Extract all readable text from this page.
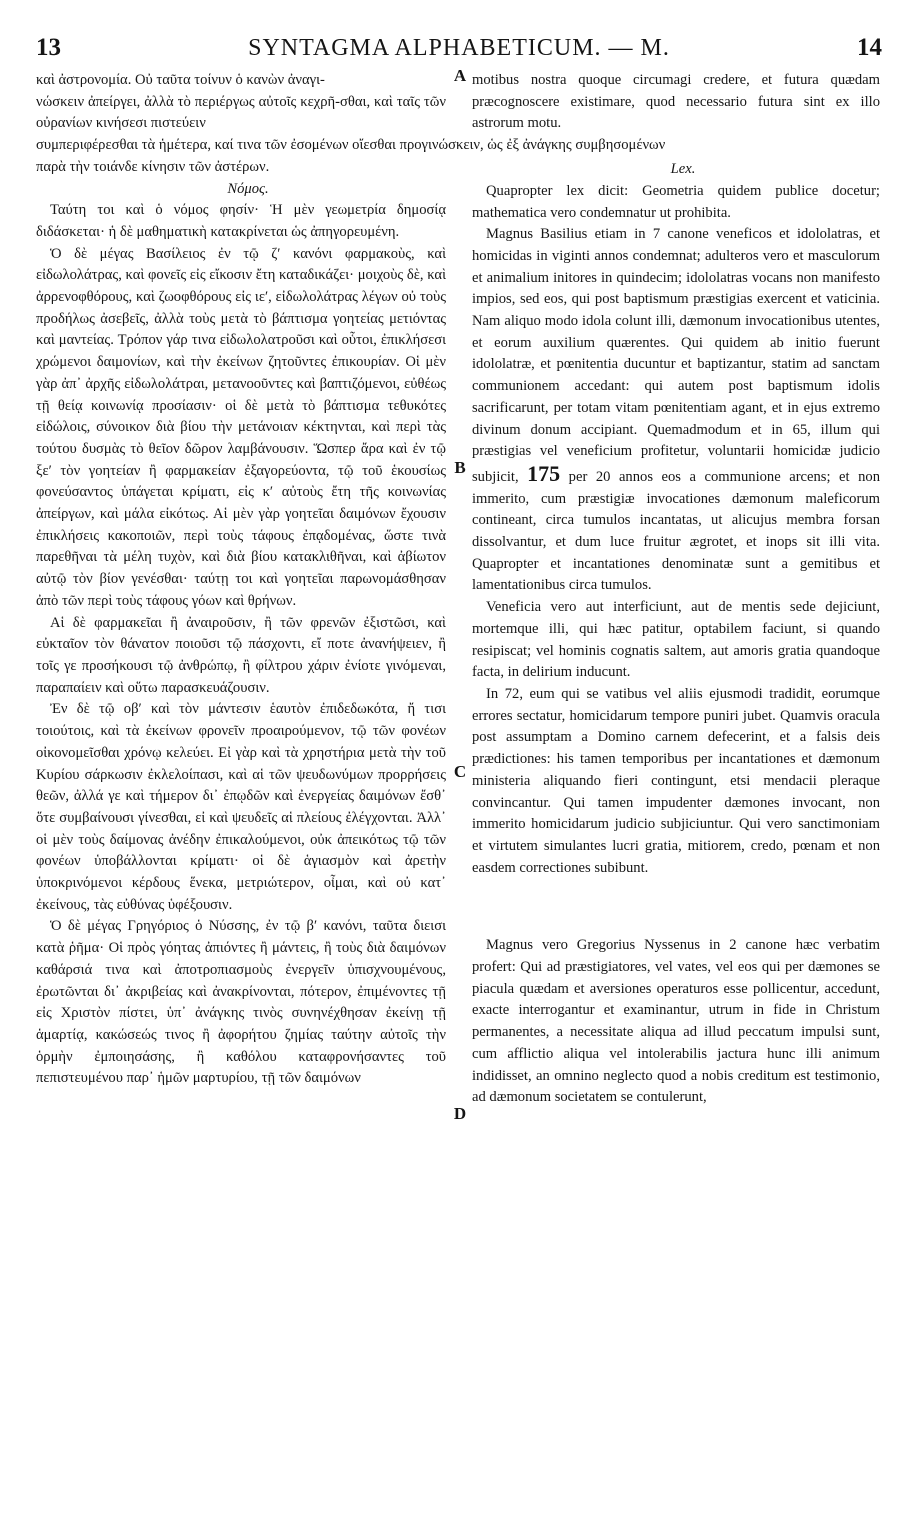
13	SYNTAGMA ALPHABETICUM. — M.	14

καὶ ἀστρονομία. Οὐ ταῦτα τοίνυν ὁ κανὼν ἀναγι-

νώσκειν ἀπείργει, ἀλλὰ τὸ περιέργως αὐτοῖς κεχρῆ-σθαι, καὶ ταῖς τῶν οὐρανίων κινήσεσι πιστεύειν

συμπεριφέρεσθαι τὰ ἡμέτερα, καί τινα τῶν ἐσομένων οἴεσθαι προγινώσκειν, ὡς ἐξ ἀνάγκης συμβησομένων

παρὰ τὴν τοιάνδε κίνησιν τῶν ἀστέρων.

Νόμος.

Ταύτη τοι καὶ ὁ νόμος φησίν· Ἡ μὲν γεωμετρία δημοσίᾳ διδάσκεται· ἡ δὲ μαθηματικὴ κατακρίνεται ὡς ἀπηγορευμένη.

Ὁ δὲ μέγας Βασίλειος ἐν τῷ ζʹ κανόνι φαρμακοὺς, καὶ εἰδωλολάτρας, καὶ φονεῖς εἰς εἴκοσιν ἔτη καταδικάζει· μοιχοὺς δὲ, καὶ ἀρρενοφθόρους, καὶ ζωοφθόρους εἰς ιεʹ, εἰδωλολάτρας λέγων οὐ τοὺς προδήλως ἀσεβεῖς, ἀλλὰ τοὺς μετὰ τὸ βάπτισμα γοητείας μετιόντας καὶ μαντείας. Τρόπον γάρ τινα εἰδωλολατροῦσι καὶ οὗτοι, ἐπικλήσεσι χρώμενοι δαιμονίων, καὶ τὴν ἐκείνων ζητοῦντες ἐπικουρίαν. Οἱ μὲν γὰρ ἀπ᾽ ἀρχῆς εἰδωλολάτραι, μετανοοῦντες καὶ βαπτιζόμενοι, εὐθέως τῇ θείᾳ κοινωνίᾳ προσίασιν· οἱ δὲ μετὰ τὸ βάπτισμα τεθυκότες εἰδώλοις, σύνοικον διὰ βίου τὴν μετάνοιαν κέκτηνται, καὶ περὶ τὰς τούτου δυσμὰς τὸ θεῖον δῶρον λαμβάνουσιν. Ὥσπερ ἄρα καὶ ἐν τῷ ξεʹ τὸν γοητείαν ἢ φαρμακείαν ἐξαγορεύοντα, τῷ τοῦ ἑκουσίως φονεύσαντος ὑπάγεται κρίματι, εἰς κʹ αὐτοὺς ἔτη τῆς κοινωνίας ἀπείργων, καὶ μάλα εἰκότως. Αἱ μὲν γὰρ γοητεῖαι δαιμόνων ἔχουσιν ἐπικλήσεις κακοποιῶν, περὶ τοὺς τάφους ἐπᾳδομένας, ὥστε τινὰ παρεθῆναι τὰ μέλη τυχὸν, καὶ διὰ βίου κατακλιθῆναι, καὶ ἀβίωτον αὐτῷ τὸν βίον γενέσθαι· ταύτῃ τοι καὶ γοητεῖαι παρωνομάσθησαν ἀπὸ τῶν περὶ τοὺς τάφους γόων καὶ θρήνων.

Αἱ δὲ φαρμακεῖαι ἢ ἀναιροῦσιν, ἢ τῶν φρενῶν ἐξιστῶσι, καὶ εὐκταῖον τὸν θάνατον ποιοῦσι τῷ πάσχοντι, εἴ ποτε ἀνανήψειεν, ἢ τοῖς γε προσήκουσι τῷ ἀνθρώπῳ, ἢ φίλτρου χάριν ἐνίοτε γινόμεναι, παραπαίειν καὶ οὕτω παρασκευάζουσιν.

Ἐν δὲ τῷ οβʹ καὶ τὸν μάντεσιν ἑαυτὸν ἐπιδεδωκότα, ἤ τισι τοιούτοις, καὶ τὰ ἐκείνων φρονεῖν προαιρούμενον, τῷ τῶν φονέων οἰκονομεῖσθαι χρόνῳ κελεύει. Εἰ γὰρ καὶ τὰ χρηστήρια μετὰ τὴν τοῦ Κυρίου σάρκωσιν ἐκλελοίπασι, καὶ αἱ τῶν ψευδωνύμων προρρήσεις θεῶν, ἀλλά γε καὶ τήμερον δι᾽ ἐπῳδῶν καὶ ἐνεργείας δαιμόνων ἔσθ᾽ ὅτε συμβαίνουσι γίνεσθαι, εἰ καὶ ψευδεῖς αἱ πλείους ἐλέγχονται. Ἀλλ᾽ οἱ μὲν τοὺς δαίμονας ἀνέδην ἐπικαλούμενοι, οὐκ ἀπεικότως τῷ τῶν φονέων ὑποβάλλονται κρίματι· οἱ δὲ ἁγιασμὸν καὶ ἀρετὴν ὑποκρινόμενοι κέρδους ἕνεκα, μετριώτερον, οἶμαι, καὶ οὐ κατ᾽ ἐκείνους, τὰς εὐθύνας ὑφέξουσιν.

Ὁ δὲ μέγας Γρηγόριος ὁ Νύσσης, ἐν τῷ βʹ κανόνι, ταῦτα διεισι κατὰ ῥῆμα· Οἱ πρὸς γόητας ἀπιόντες ἢ μάντεις, ἢ τοὺς διὰ δαιμόνων καθάρσιά τινα καὶ ἀποτροπιασμοὺς ἐνεργεῖν ὑπισχνουμένους, ἐρωτῶνται δι᾽ ἀκριβείας καὶ ἀνακρίνονται, πότερον, ἐπιμένοντες τῇ εἰς Χριστὸν πίστει, ὑπ᾽ ἀνάγκης τινὸς συνηνέχθησαν ἐκείνῃ τῇ ἁμαρτίᾳ, κακώσεώς τινος ἢ ἀφορήτου ζημίας ταύτην αὐτοῖς τὴν ὁρμὴν ἐμποιησάσης, ἢ καθόλου καταφρονήσαντες τοῦ πεπιστευμένου παρ᾽ ἡμῶν μαρτυρίου, τῇ τῶν δαιμόνων

motibus nostra quoque circumagi credere, et futura quædam præcognoscere existimare, quod necessario futura sint ex illo astrorum motu.

Lex.

Quapropter lex dicit: Geometria quidem publice docetur; mathematica vero condemnatur ut prohibita.

Magnus Basilius etiam in 7 canone veneficos et idololatras, et homicidas in viginti annos condemnat; adulteros vero et masculorum et animalium initores in quindecim; idololatras vocans non manifesto impios, sed eos, qui post baptismum præstigias exercent et vaticinia. Nam aliquo modo idola colunt illi, dæmonum invocationibus utentes, et eorum auxilium quærentes. Qui quidem ab initio fuerunt idololatræ, et pœnitentia ducuntur et baptizantur, statim ad sanctam communionem accedant: qui autem post baptismum idolis sacrificarunt, per totam vitam pœnitentiam agant, et in ejus extremo divinum donum accipiant. Quemadmodum et in 65, illum qui præstigias vel veneficium profitetur, voluntarii homicidæ judicio subjicit, 175 per 20 annos eos a communione arcens; et non immerito, cum præstigiæ invocationes dæmonum maleficorum contineant, circa tumulos incantatas, ut alicujus membra forsan dissolvantur, et dum luce fruitur ægrotet, et inops sit illi vita. Quapropter et incantationes denominatæ sunt a gemitibus et lamentationibus circa tumulos.

Veneficia vero aut interficiunt, aut de mentis sede dejiciunt, mortemque illi, qui hæc patitur, optabilem faciunt, si quando resipiscat; vel hominis cognatis saltem, aut amoris gratia quandoque facta, in delirium inducunt.

In 72, eum qui se vatibus vel aliis ejusmodi tradidit, eorumque errores sectatur, homicidarum tempore puniri jubet. Quamvis oracula post assumptam a Domino carnem defecerint, et a falsis deis prædictiones: his tamen temporibus per incantationes et dæmonum ministeria aliquando fieri contingunt, etsi mendacii pleraque convincantur. Qui tamen impudenter dæmones invocant, non immerito homicidarum judicio subjiciuntur. Qui vero sanctimoniam et virtutem simulantes lucri gratia, mitiorem, credo, pœnam et non easdem correctiones subibunt.

Magnus vero Gregorius Nyssenus in 2 canone hæc verbatim profert: Qui ad præstigiatores, vel vates, vel eos qui per dæmones se piacula quædam et aversiones operaturos esse pollicentur, accedunt, exacte interrogantur et examinantur, utrum in fide in Christum permanentes, a necessitate aliqua ad illud peccatum impulsi sunt, cum afflictio aliqua vel intolerabilis jactura hunc illi animum indidisset, an omnino neglecto quod a nobis creditum est testimonio, ad dæmonum societatem se contulerunt,

A
B
C
D
